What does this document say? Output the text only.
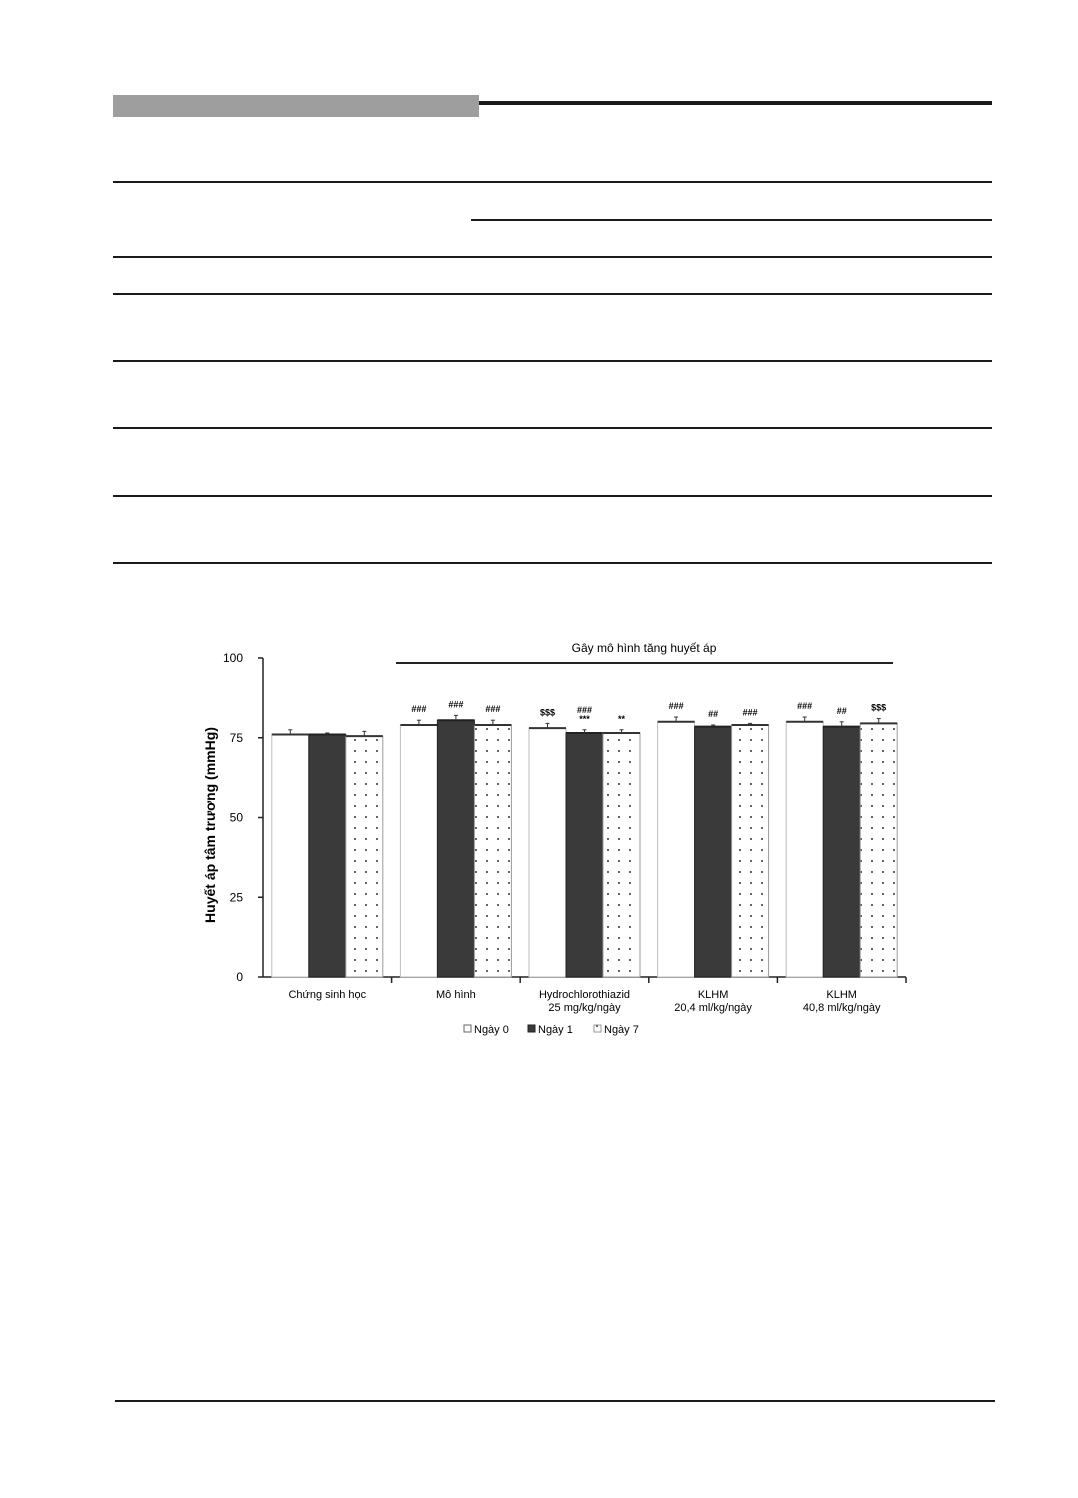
Gây mô hình tăng huyết áp
Huyết áp tâm trương (mmHg)
0
25
50
75
100
### ### ###	$$$ ###
***	**
###
##	###
###	##	$$$
Chứng sinh học	Mô hình	Hydrochlorothiazid
25 mg/kg/ngày
KLHM
20,4 ml/kg/ngày
KLHM
40,8 ml/kg/ngày
Ngày 0	Ngày 1	Ngày 7
